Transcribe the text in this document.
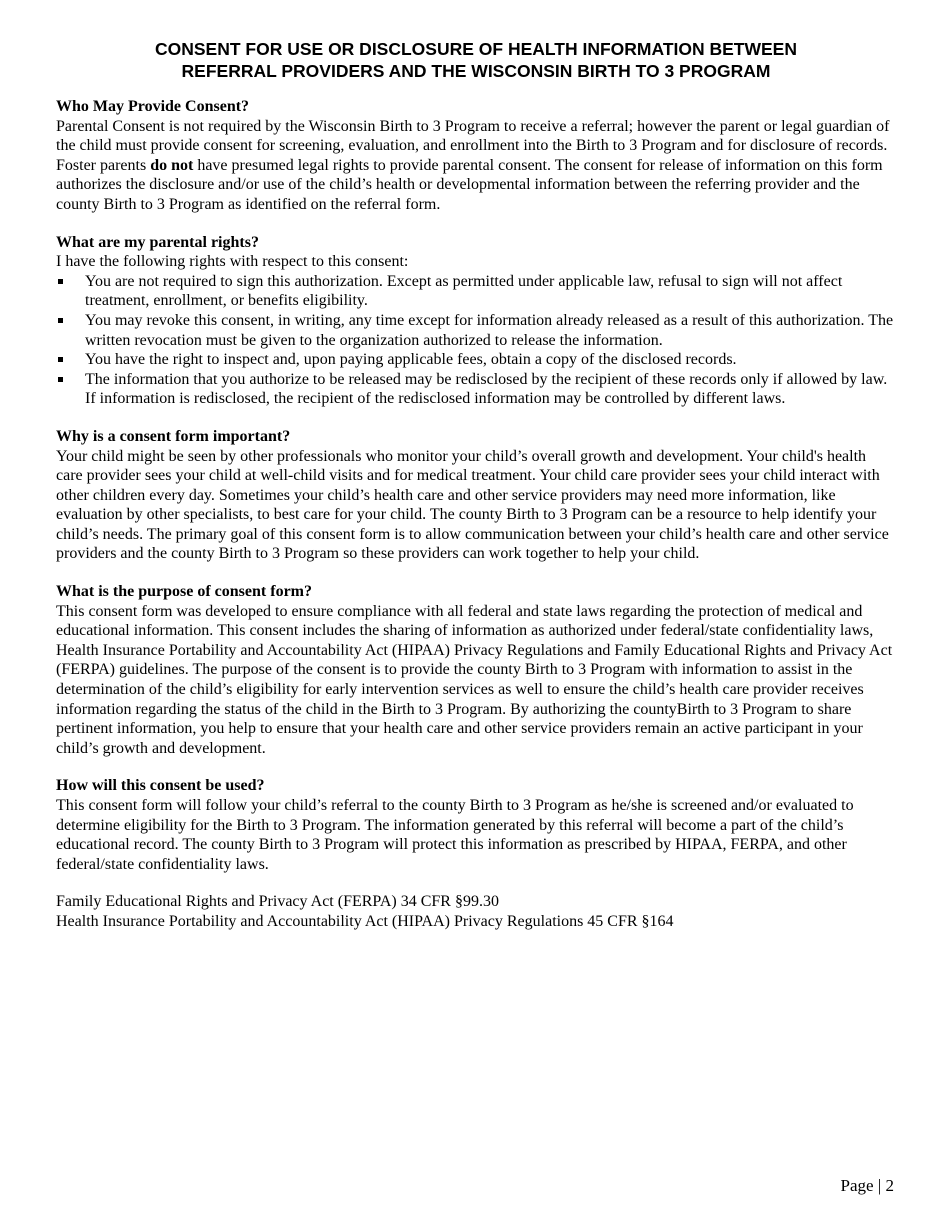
CONSENT FOR USE OR DISCLOSURE OF HEALTH INFORMATION BETWEEN
REFERRAL PROVIDERS AND THE WISCONSIN BIRTH TO 3 PROGRAM
Who May Provide Consent?

Parental Consent is not required by the Wisconsin Birth to 3 Program to receive a referral; however the parent or legal guardian of the child must provide consent for screening, evaluation, and enrollment into the Birth to 3 Program and for disclosure of records. Foster parents do not have presumed legal rights to provide parental consent. The consent for release of information on this form authorizes the disclosure and/or use of the child’s health or developmental information between the referring provider and the county Birth to 3 Program as identified on the referral form.

What are my parental rights?

I have the following rights with respect to this consent:

You are not required to sign this authorization. Except as permitted under applicable law, refusal to sign will not affect treatment, enrollment, or benefits eligibility.
You may revoke this consent, in writing, any time except for information already released as a result of this authorization. The written revocation must be given to the organization authorized to release the information.
You have the right to inspect and, upon paying applicable fees, obtain a copy of the disclosed records.
The information that you authorize to be released may be redisclosed by the recipient of these records only if allowed by law. If information is redisclosed, the recipient of the redisclosed information may be controlled by different laws.
Why is a consent form important?

Your child might be seen by other professionals who monitor your child’s overall growth and development. Your child's health care provider sees your child at well-child visits and for medical treatment. Your child care provider sees your child interact with other children every day. Sometimes your child’s health care and other service providers may need more information, like evaluation by other specialists, to best care for your child. The county Birth to 3 Program can be a resource to help identify your child’s needs. The primary goal of this consent form is to allow communication between your child’s health care and other service providers and the county Birth to 3 Program so these providers can work together to help your child.

What is the purpose of consent form?

This consent form was developed to ensure compliance with all federal and state laws regarding the protection of medical and educational information. This consent includes the sharing of information as authorized under federal/state confidentiality laws, Health Insurance Portability and Accountability Act (HIPAA) Privacy Regulations and Family Educational Rights and Privacy Act (FERPA) guidelines. The purpose of the consent is to provide the county Birth to 3 Program with information to assist in the determination of the child’s eligibility for early intervention services as well to ensure the child’s health care provider receives information regarding the status of the child in the Birth to 3 Program. By authorizing the countyBirth to 3 Program to share pertinent information, you help to ensure that your health care and other service providers remain an active participant in your child’s growth and development.

How will this consent be used?

This consent form will follow your child’s referral to the county Birth to 3 Program as he/she is screened and/or evaluated to determine eligibility for the Birth to 3 Program. The information generated by this referral will become a part of the child’s educational record. The county Birth to 3 Program will protect this information as prescribed by HIPAA, FERPA, and other federal/state confidentiality laws.

Family Educational Rights and Privacy Act (FERPA) 34 CFR §99.30

Health Insurance Portability and Accountability Act (HIPAA) Privacy Regulations 45 CFR §164

Page | 2
